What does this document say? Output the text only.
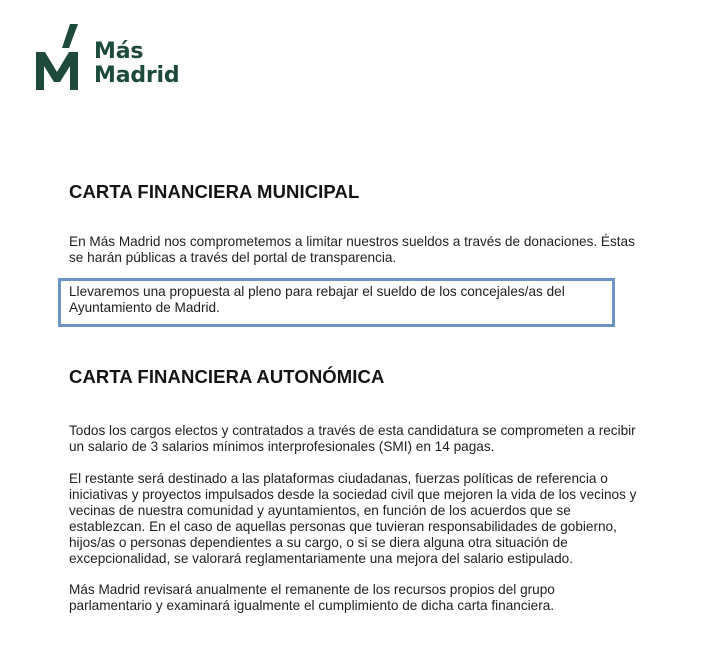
Más
Madrid
CARTA FINANCIERA MUNICIPAL

En Más Madrid nos comprometemos a limitar nuestros sueldos a través de donaciones. Éstas se harán públicas a través del portal de transparencia.

Llevaremos una propuesta al pleno para rebajar el sueldo de los concejales/as del Ayuntamiento de Madrid.

CARTA FINANCIERA AUTONÓMICA

Todos los cargos electos y contratados a través de esta candidatura se comprometen a recibir un salario de 3 salarios mínimos interprofesionales (SMI) en 14 pagas.

El restante será destinado a las plataformas ciudadanas, fuerzas políticas de referencia o iniciativas y proyectos impulsados desde la sociedad civil que mejoren la vida de los vecinos y vecinas de nuestra comunidad y ayuntamientos, en función de los acuerdos que se establezcan. En el caso de aquellas personas que tuvieran responsabilidades de gobierno, hijos/as o personas dependientes a su cargo, o si se diera alguna otra situación de excepcionalidad, se valorará reglamentariamente una mejora del salario estipulado.

Más Madrid revisará anualmente el remanente de los recursos propios del grupo parlamentario y examinará igualmente el cumplimiento de dicha carta financiera.
